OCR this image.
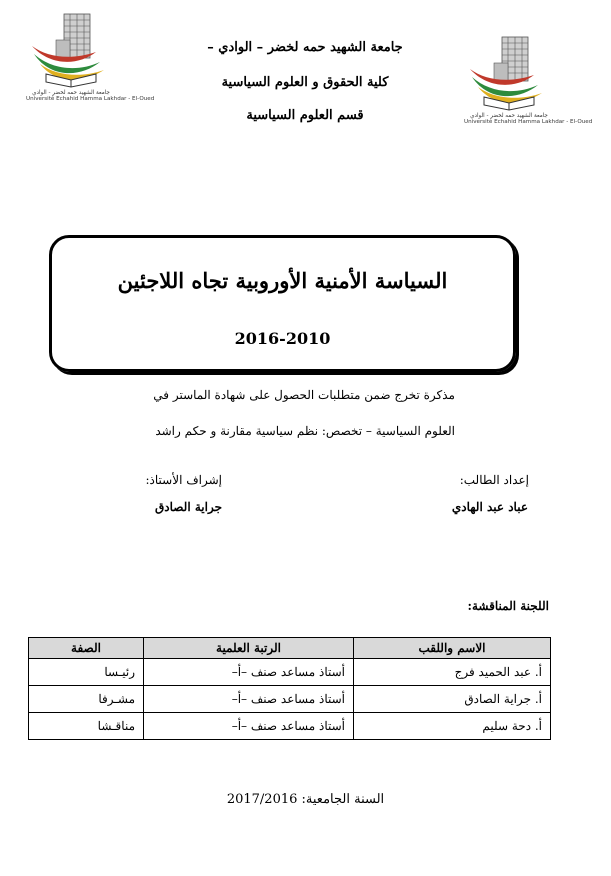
جامعة الشهيد حمه لخضر - الوادي
Université Echahid Hamma Lakhdar - El-Oued
جامعة الشهيد حمه لخضر - الوادي
Université Echahid Hamma Lakhdar - El-Oued
جامعة الشهيد حمه لخضر – الوادي –
كلية الحقوق و العلوم السياسية
قسم العلوم السياسية
السياسة الأمنية الأوروبية تجاه اللاجئين
2016-2010
مذكرة تخرج ضمن متطلبات الحصول على شهادة الماستر في
العلوم السياسية – تخصص: نظم سياسية مقارنة و حكم راشد
إعداد الطالب:
إشراف الأستاذ:
عباد عبد الهادي
جراية الصادق
اللجنة المناقشة:
الاسم واللقب	الرتبة العلمية	الصفة
أ. عبد الحميد فرج	أستاذ مساعد صنف –أ–	رئيـسا
أ. جراية الصادق	أستاذ مساعد صنف –أ–	مشـرفا
أ. دحة سليم	أستاذ مساعد صنف –أ–	مناقـشا
السنة الجامعية: 2017/2016
